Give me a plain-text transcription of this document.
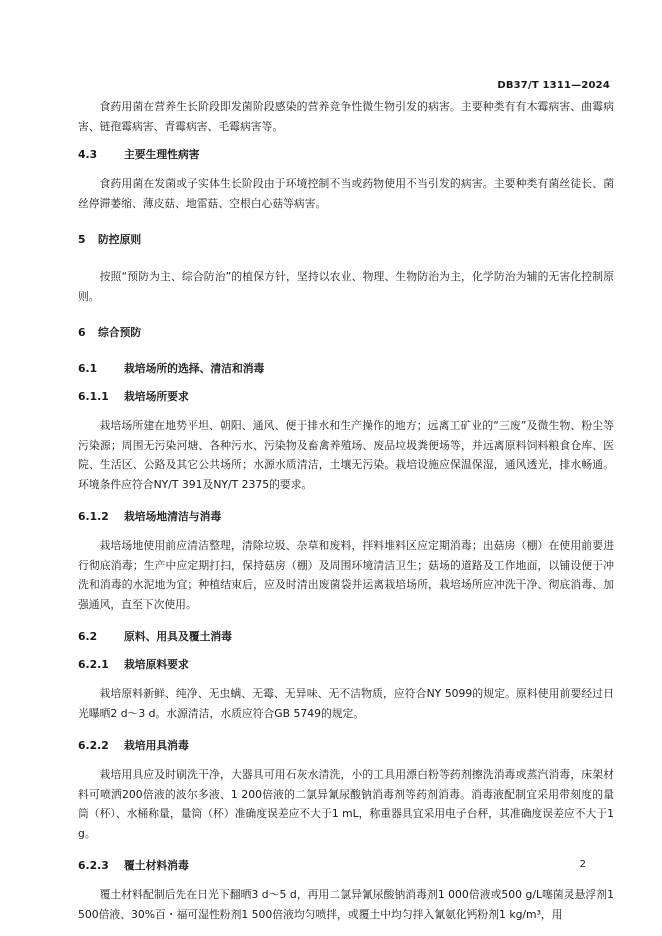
DB37/T 1311—2024

食药用菌在营养生长阶段即发菌阶段感染的营养竞争性微生物引发的病害。主要种类有有木霉病害、曲霉病害、链孢霉病害、青霉病害、毛霉病害等。

4.3 主要生理性病害

食药用菌在发菌或子实体生长阶段由于环境控制不当或药物使用不当引发的病害。主要种类有菌丝徒长、菌丝停滞萎缩、薄皮菇、地雷菇、空根白心菇等病害。

5 防控原则

按照“预防为主、综合防治”的植保方针，坚持以农业、物理、生物防治为主，化学防治为辅的无害化控制原则。

6 综合预防
6.1 栽培场所的选择、清洁和消毒
6.1.1 栽培场所要求

栽培场所建在地势平坦、朝阳、通风、便于排水和生产操作的地方；远离工矿业的“三废”及微生物、粉尘等污染源；周围无污染河塘、各种污水、污染物及畜禽养殖场、废品垃圾粪便场等，并远离原料饲料粮食仓库、医院、生活区、公路及其它公共场所；水源水质清洁，土壤无污染。栽培设施应保温保湿，通风透光，排水畅通。环境条件应符合NY/T 391及NY/T 2375的要求。

6.1.2 栽培场地清洁与消毒

栽培场地使用前应清洁整理，清除垃圾、杂草和废料，拌料堆料区应定期消毒；出菇房（棚）在使用前要进行彻底消毒；生产中应定期打扫，保持菇房（棚）及周围环境清洁卫生；菇场的道路及工作地面，以铺设便于冲洗和消毒的水泥地为宜；种植结束后，应及时清出废菌袋并运离栽培场所，栽培场所应冲洗干净、彻底消毒、加强通风，直至下次使用。

6.2 原料、用具及覆土消毒
6.2.1 栽培原料要求

栽培原料新鲜、纯净、无虫螨、无霉、无异味、无不洁物质，应符合NY 5099的规定。原料使用前要经过日光曝晒2 d～3 d。水源清洁，水质应符合GB 5749的规定。

6.2.2 栽培用具消毒

栽培用具应及时刷洗干净，大器具可用石灰水清洗，小的工具用漂白粉等药剂擦洗消毒或蒸汽消毒，床架材料可喷洒200倍液的波尔多液、1 200倍液的二氯异氰尿酸钠消毒剂等药剂消毒。消毒液配制宜采用带刻度的量筒（杯）、水桶称量，量筒（杯）准确度误差应不大于1 mL，称重器具宜采用电子台秤，其准确度误差应不大于1 g。

6.2.3 覆土材料消毒

覆土材料配制后先在日光下翻晒3 d～5 d，再用二氯异氰尿酸钠消毒剂1 000倍液或500 g/L噻菌灵悬浮剂1 500倍液、30%百・福可湿性粉剂1 500倍液均匀喷拌，或覆土中均匀拌入氰氨化钙粉剂1 kg/m³，用

2
